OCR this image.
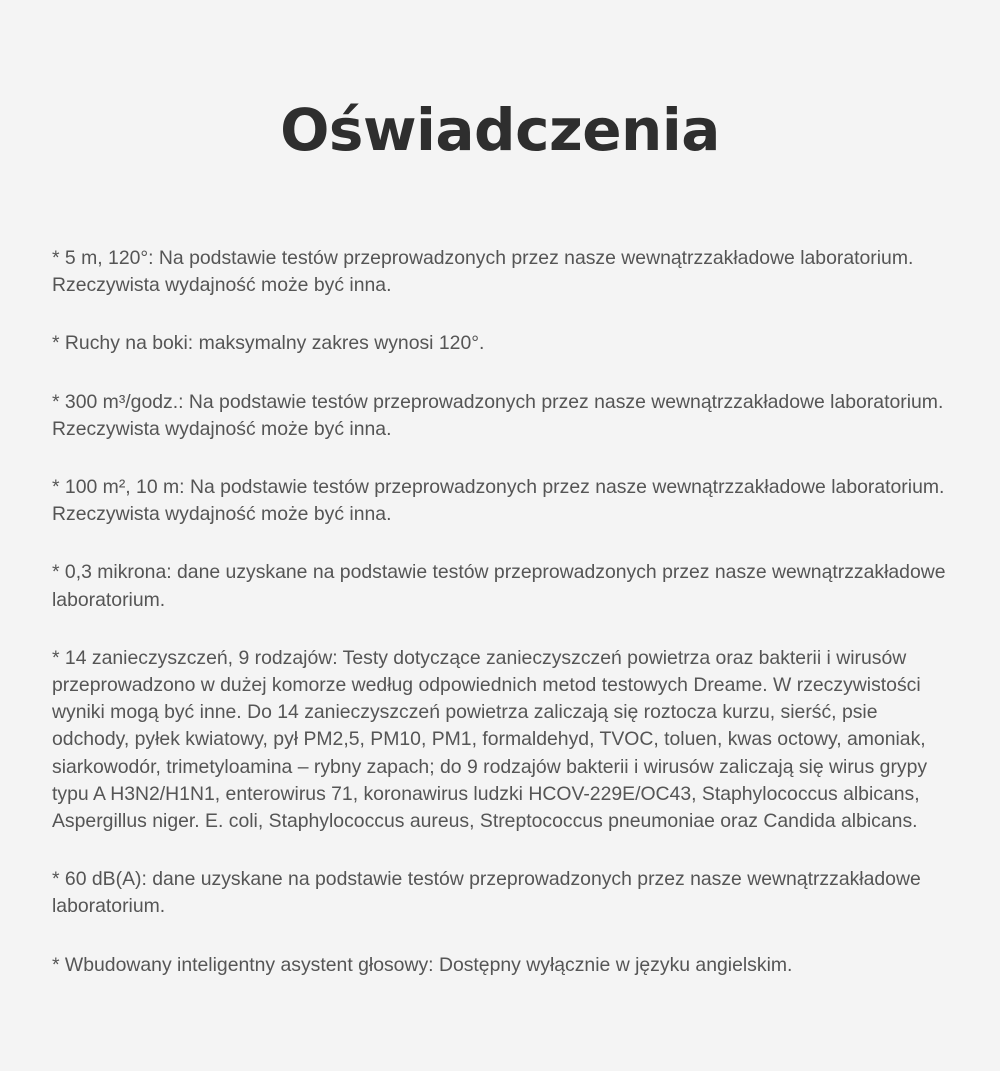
Oświadczenia
* 5 m, 120°: Na podstawie testów przeprowadzonych przez nasze wewnątrzzakładowe laboratorium. Rzeczywista wydajność może być inna.
* Ruchy na boki: maksymalny zakres wynosi 120°.
* 300 m³/godz.: Na podstawie testów przeprowadzonych przez nasze wewnątrzzakładowe laboratorium. Rzeczywista wydajność może być inna.
* 100 m², 10 m: Na podstawie testów przeprowadzonych przez nasze wewnątrzzakładowe laboratorium. Rzeczywista wydajność może być inna.
* 0,3 mikrona: dane uzyskane na podstawie testów przeprowadzonych przez nasze wewnątrzzakładowe laboratorium.
* 14 zanieczyszczeń, 9 rodzajów: Testy dotyczące zanieczyszczeń powietrza oraz bakterii i wirusów przeprowadzono w dużej komorze według odpowiednich metod testowych Dreame. W rzeczywistości wyniki mogą być inne. Do 14 zanieczyszczeń powietrza zaliczają się roztocza kurzu, sierść, psie odchody, pyłek kwiatowy, pył PM2,5, PM10, PM1, formaldehyd, TVOC, toluen, kwas octowy, amoniak, siarkowodór, trimetyloamina – rybny zapach; do 9 rodzajów bakterii i wirusów zaliczają się wirus grypy typu A H3N2/H1N1, enterowirus 71, koronawirus ludzki HCOV-229E/OC43, Staphylococcus albicans, Aspergillus niger. E. coli, Staphylococcus aureus, Streptococcus pneumoniae oraz Candida albicans.
* 60 dB(A): dane uzyskane na podstawie testów przeprowadzonych przez nasze wewnątrzzakładowe laboratorium.
* Wbudowany inteligentny asystent głosowy: Dostępny wyłącznie w języku angielskim.
